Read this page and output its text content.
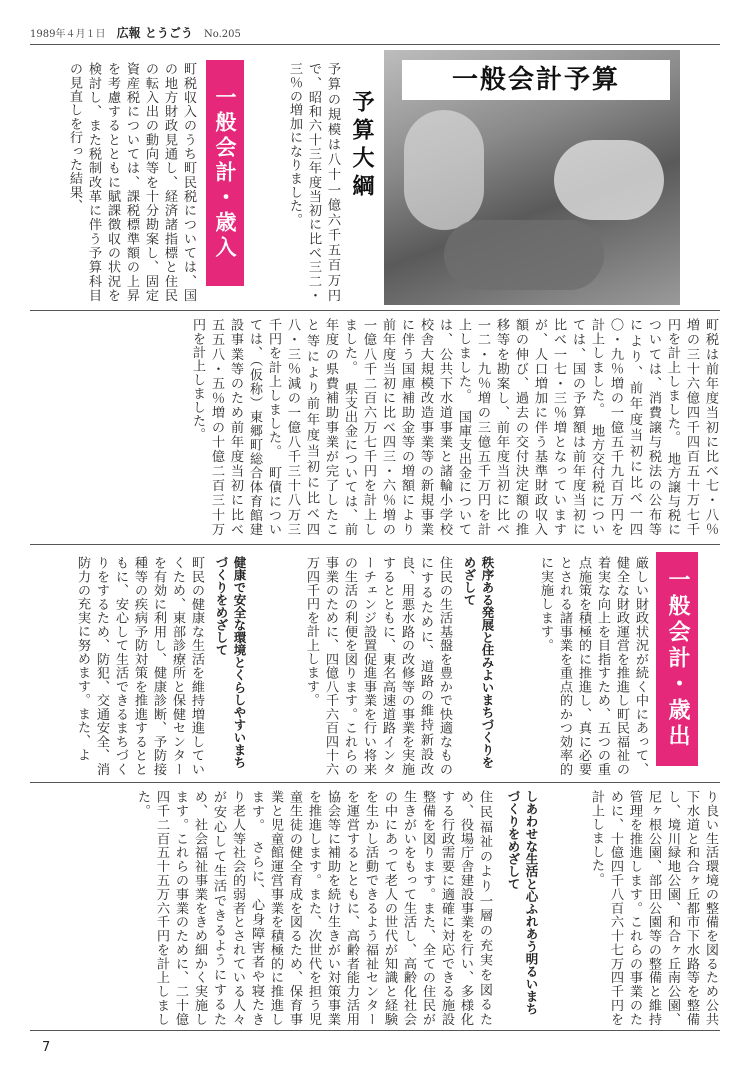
1989年４月１日 広報 とうごう No.205
一般会計予算
予算大綱
予算の規模は八十一億六千五百万円で、昭和六十三年度当初に比べ三二・三％の増加になりました。
一般会計・歳入
町税収入のうち町民税については、国の地方財政見通し、経済諸指標と住民の転入出の動向等を十分勘案し、固定資産税については、課税標準額の上昇を考慮するとともに賦課徴収の状況を検討し、また税制改革に伴う予算科目の見直しを行った結果、
町税は前年度当初に比べ七・八％増の三十六億四千四百五十万七千円を計上しました。　地方譲与税については、消費譲与税法の公布等により、前年度当初に比べ一四〇・九％増の一億五千九百万円を計上しました。　地方交付税については、国の予算額は前年度当初に比べ一七・三％増となっていますが、人口増加に伴う基準財政収入額の伸び、過去の交付決定額の推移等を勘案し、前年度当初に比べ一二・九％増の三億五千万円を計上しました。　国庫支出金については、公共下水道事業と諸輪小学校校舎大規模改造事業等の新規事業に伴う国庫補助金等の増額により前年度当初に比べ四三・六％増の一億八千二百六万七千円を計上しました。　県支出金については、前年度の県費補助事業が完了したこと等により前年度当初に比べ四八・三％減の一億八千三十八万三千円を計上しました。　町債については、（仮称）東郷町総合体育館建設事業等のため前年度当初に比べ五五八・五％増の十億二百三十万円を計上しました。
一般会計・歳出
厳しい財政状況が続く中にあって、健全な財政運営を推進し町民福祉の着実な向上を目指すため、五つの重点施策を積極的に推進し、真に必要とされる諸事業を重点的かつ効率的に実施します。
秩序ある発展と住みよいまちづくりをめざして
住民の生活基盤を豊かで快適なものにするために、道路の維持新設改良、用悪水路の改修等の事業を実施するとともに、東名高速道路インターチェンジ設置促進事業を行い将来の生活の利便を図ります。これらの事業のために、四億八千六百四十六万四千円を計上します。
健康で安全な環境とくらしやすいまちづくりをめざして
町民の健康な生活を維持増進していくため、東部診療所と保健センターを有効に利用し、健康診断、予防接種等の疾病予防対策を推進するとともに、安心して生活できるまちづくりをするため、防犯、交通安全、消防力の充実に努めます。また、よ
り良い生活環境の整備を図るため公共下水道と和合ヶ丘都市下水路等を整備し、境川緑地公園、和合ヶ丘南公園、尼ヶ根公園、部田公園等の整備と維持管理を推進します。これらの事業のために、十億四千八百六十七万四千円を計上しました。
しあわせな生活と心ふれあう明るいまちづくりをめざして
住民福祉のより一層の充実を図るため、役場庁舎建設事業を行い、多様化する行政需要に適確に対応できる施設整備を図ります。また、全ての住民が生きがいをもって生活し、高齢化社会の中にあって老人の世代が知識と経験を生かし活動できるよう福祉センターを運営するとともに、高齢者能力活用協会等に補助を続け生きがい対策事業を推進します。また、次世代を担う児童生徒の健全育成を図るため、保育事業と児童館運営事業を積極的に推進します。　さらに、心身障害者や寝たきり老人等社会的弱者とされている人々が安心して生活できるようにするため、社会福祉事業をきめ細かく実施します。これらの事業のために、二十億四千二百五十五万六千円を計上しました。
7
